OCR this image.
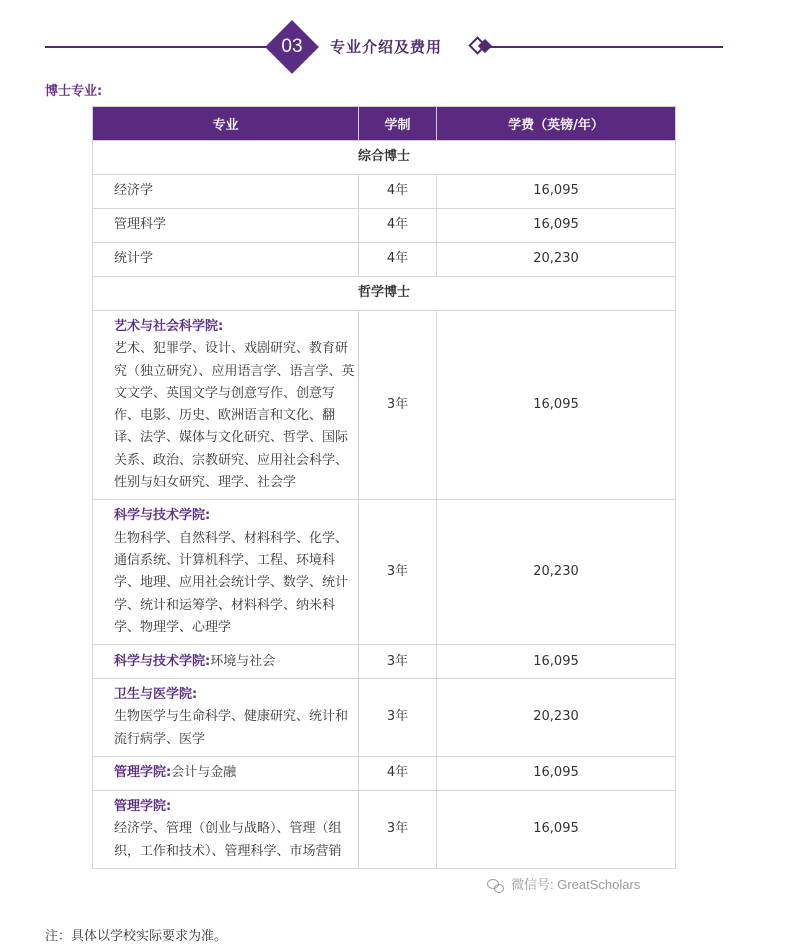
03	专业介绍及费用
博士专业:
专业	学制	学费（英镑/年）
综合博士		
经济学	4年	16,095
管理科学	4年	16,095
统计学	4年	20,230
哲学博士		

艺术与社会科学院:
艺术、犯罪学、设计、戏剧研究、教育研究（独立研究）、应用语言学、语言学、英文文学、英国文学与创意写作、创意写作、电影、历史、欧洲语言和文化、翻译、法学、媒体与文化研究、哲学、国际关系、政治、宗教研究、应用社会科学、性别与妇女研究、理学、社会学	3年	16,095

科学与技术学院:
生物科学、自然科学、材料科学、化学、通信系统、计算机科学、工程、环境科学、地理、应用社会统计学、数学、统计学、统计和运筹学、材料科学、纳米科学、物理学、心理学	3年	20,230
科学与技术学院:环境与社会	3年	16,095

卫生与医学院:
生物医学与生命科学、健康研究、统计和流行病学、医学	3年	20,230
管理学院:会计与金融	4年	16,095

管理学院:
经济学、管理（创业与战略）、管理（组织，工作和技术）、管理科学、市场营销	3年	16,095
微信号: GreatScholars
注：具体以学校实际要求为准。
